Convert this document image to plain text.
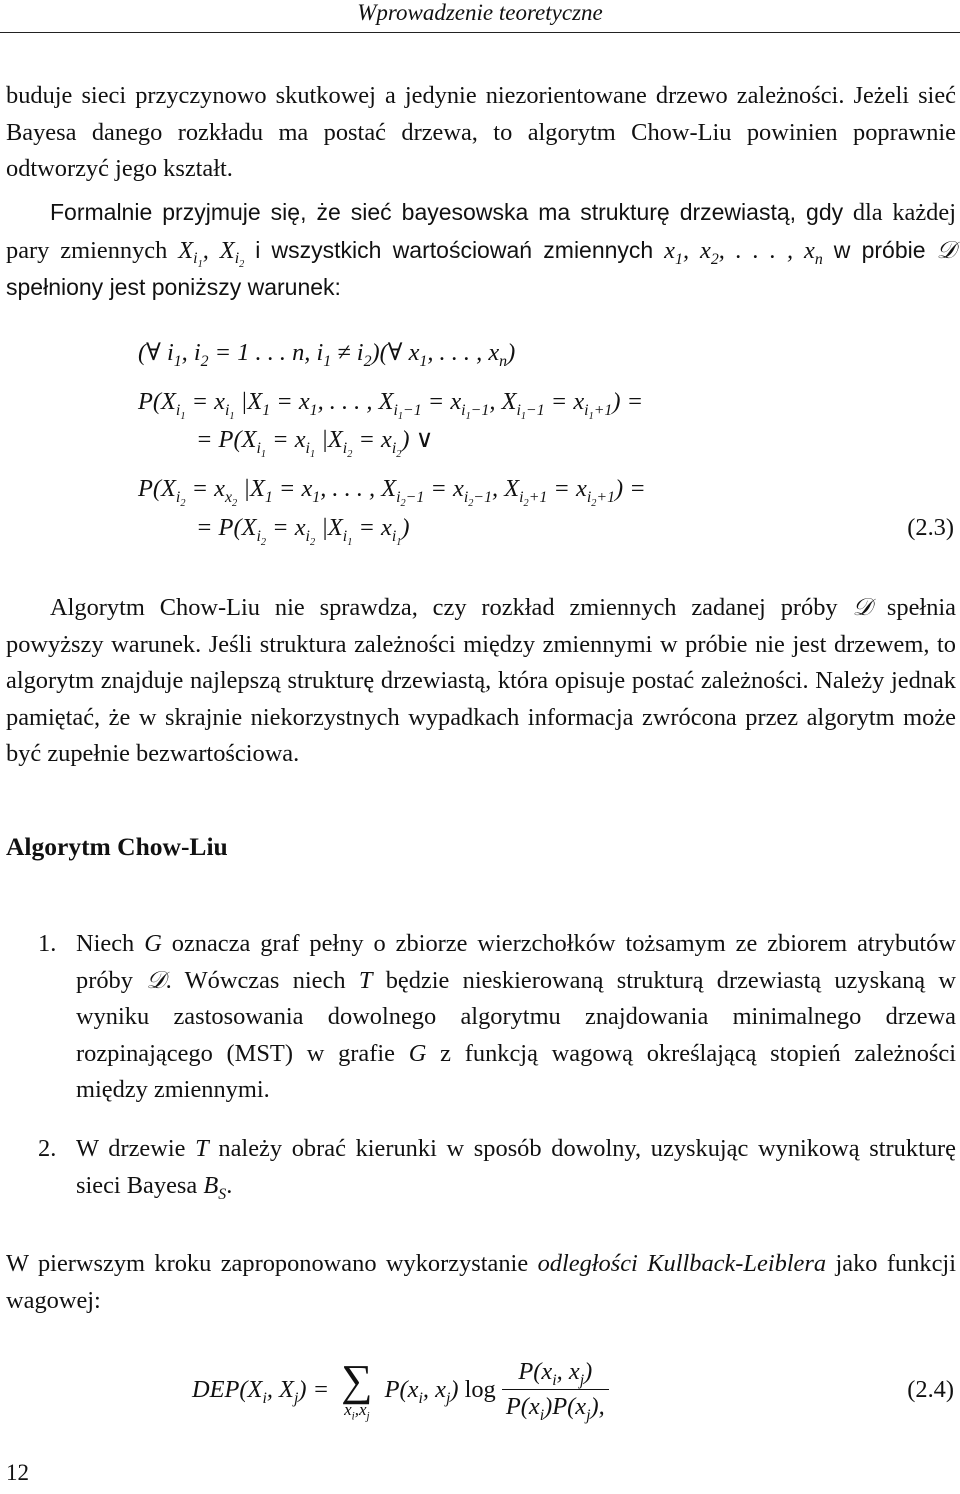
Wprowadzenie teoretyczne

buduje sieci przyczynowo skutkowej a jedynie niezorientowane drzewo zależności. Jeżeli sieć Bayesa danego rozkładu ma postać drzewa, to algorytm Chow-Liu powinien poprawnie odtworzyć jego kształt.

Formalnie przyjmuje się, że sieć bayesowska ma strukturę drzewiastą, gdy dla każdej pary zmiennych $X_{i_1}$, $X_{i_2}$ i wszystkich wartościowań zmiennych $x_1$, $x_2$, . . . , $x_n$ w próbie 𝒟 spełniony jest poniższy warunek:

(∀ $i_1$, $i_2 = 1$ . . . n, $i_1$ ≠ $i_2)(\forall$ $x_1$, . . . , $x_n$)
$P(X_{i_1} = x_{i_1}$ $|X_1 = x_1$, . . . , $X_{i_1-1} = x_{i_1-1}$, $X_{i_1-1} = x_{i_1+1}$) =
= $P(X_{i_1} = x_{i_1}$ $|X_{i_2} = x_{i_2}$) ∨
$P(X_{i_2} = x_{x_2}$ $|X_1 = x_1$, . . . , $X_{i_2-1} = x_{i_2-1}$, $X_{i_2+1} = x_{i_2+1}$) =
= $P(X_{i_2} = x_{i_2}$ $|X_{i_1} = x_{i_1}$)	(2.3)

Algorytm Chow-Liu nie sprawdza, czy rozkład zmiennych zadanej próby 𝒟 spełnia powyższy warunek. Jeśli struktura zależności między zmiennymi w próbie nie jest drzewem, to algorytm znajduje najlepszą strukturę drzewiastą, która opisuje postać zależności. Należy jednak pamiętać, że w skrajnie niekorzystnych wypadkach informacja zwrócona przez algorytm może być zupełnie bezwartościowa.

Algorytm Chow-Liu
1. Niech G oznacza graf pełny o zbiorze wierzchołków tożsamym ze zbiorem atrybutów próby 𝒟. Wówczas niech T będzie nieskierowaną strukturą drzewiastą uzyskaną w wyniku zastosowania dowolnego algorytmu znajdowania minimalnego drzewa rozpinającego (MST) w grafie G z funkcją wagową określającą stopień zależności między zmiennymi.
2. W drzewie T należy obrać kierunki w sposób dowolny, uzyskując wynikową strukturę sieci Bayesa $B_S$.

W pierwszym kroku zaproponowano wykorzystanie odległości Kullback-Leiblera jako funkcji wagowej:

$DEP(X_i$, $X_j$) = ∑
$x_i,x_j$
$P(x_i$, $x_j$) $\log \frac{P(x_i, x_j)}{P(x_i)P(x_j),}$	(2.4)
12
